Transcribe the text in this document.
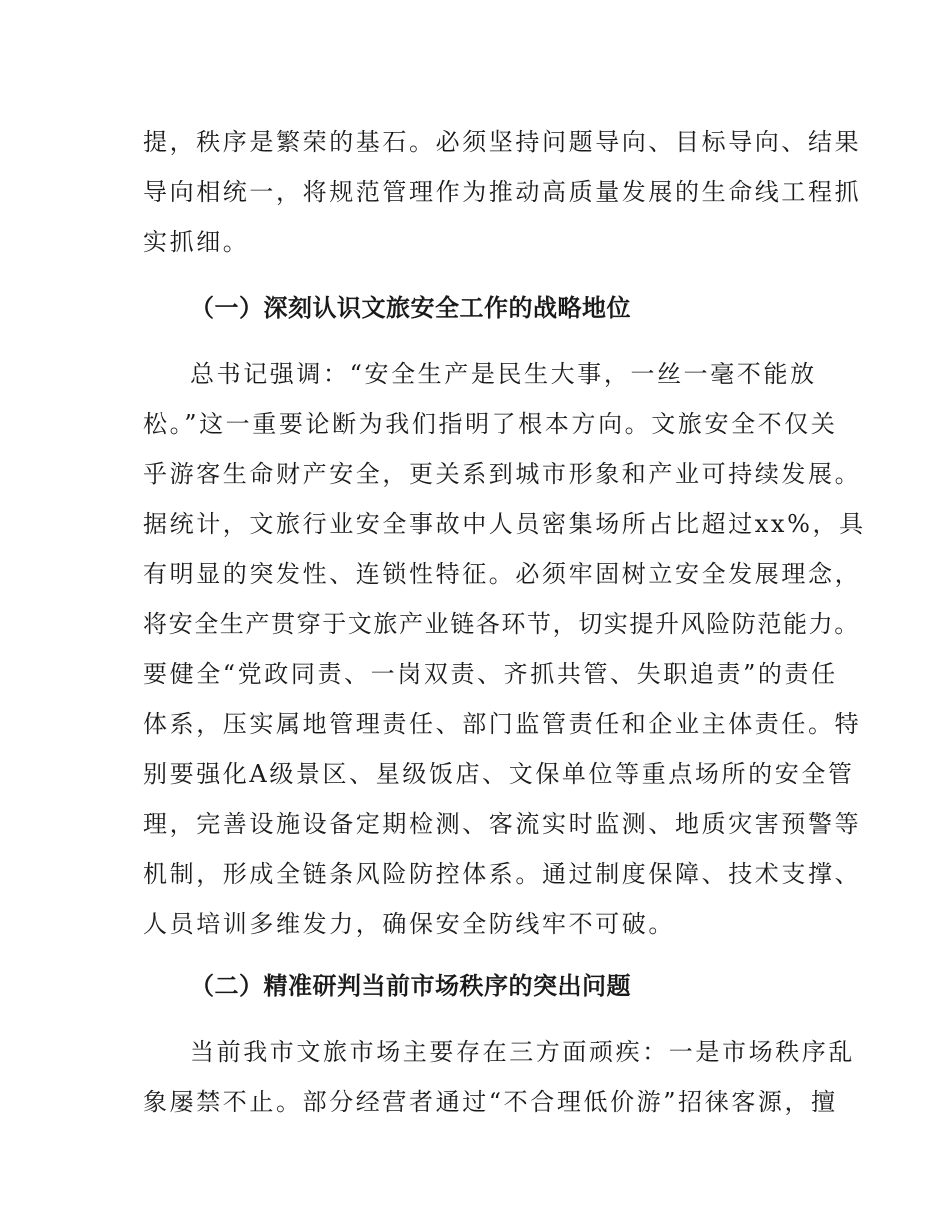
提，秩序是繁荣的基石。必须坚持问题导向、目标导向、结果
导向相统一，将规范管理作为推动高质量发展的生命线工程抓
实抓细。
（一）深刻认识文旅安全工作的战略地位
总书记强调：“安全生产是民生大事，一丝一毫不能放
松。”这一重要论断为我们指明了根本方向。文旅安全不仅关
乎游客生命财产安全，更关系到城市形象和产业可持续发展。
据统计，文旅行业安全事故中人员密集场所占比超过xx%，具
有明显的突发性、连锁性特征。必须牢固树立安全发展理念，
将安全生产贯穿于文旅产业链各环节，切实提升风险防范能力。
要健全“党政同责、一岗双责、齐抓共管、失职追责”的责任
体系，压实属地管理责任、部门监管责任和企业主体责任。特
别要强化A级景区、星级饭店、文保单位等重点场所的安全管
理，完善设施设备定期检测、客流实时监测、地质灾害预警等
机制，形成全链条风险防控体系。通过制度保障、技术支撑、
人员培训多维发力，确保安全防线牢不可破。
（二）精准研判当前市场秩序的突出问题
当前我市文旅市场主要存在三方面顽疾：一是市场秩序乱
象屡禁不止。部分经营者通过“不合理低价游”招徕客源，擅
